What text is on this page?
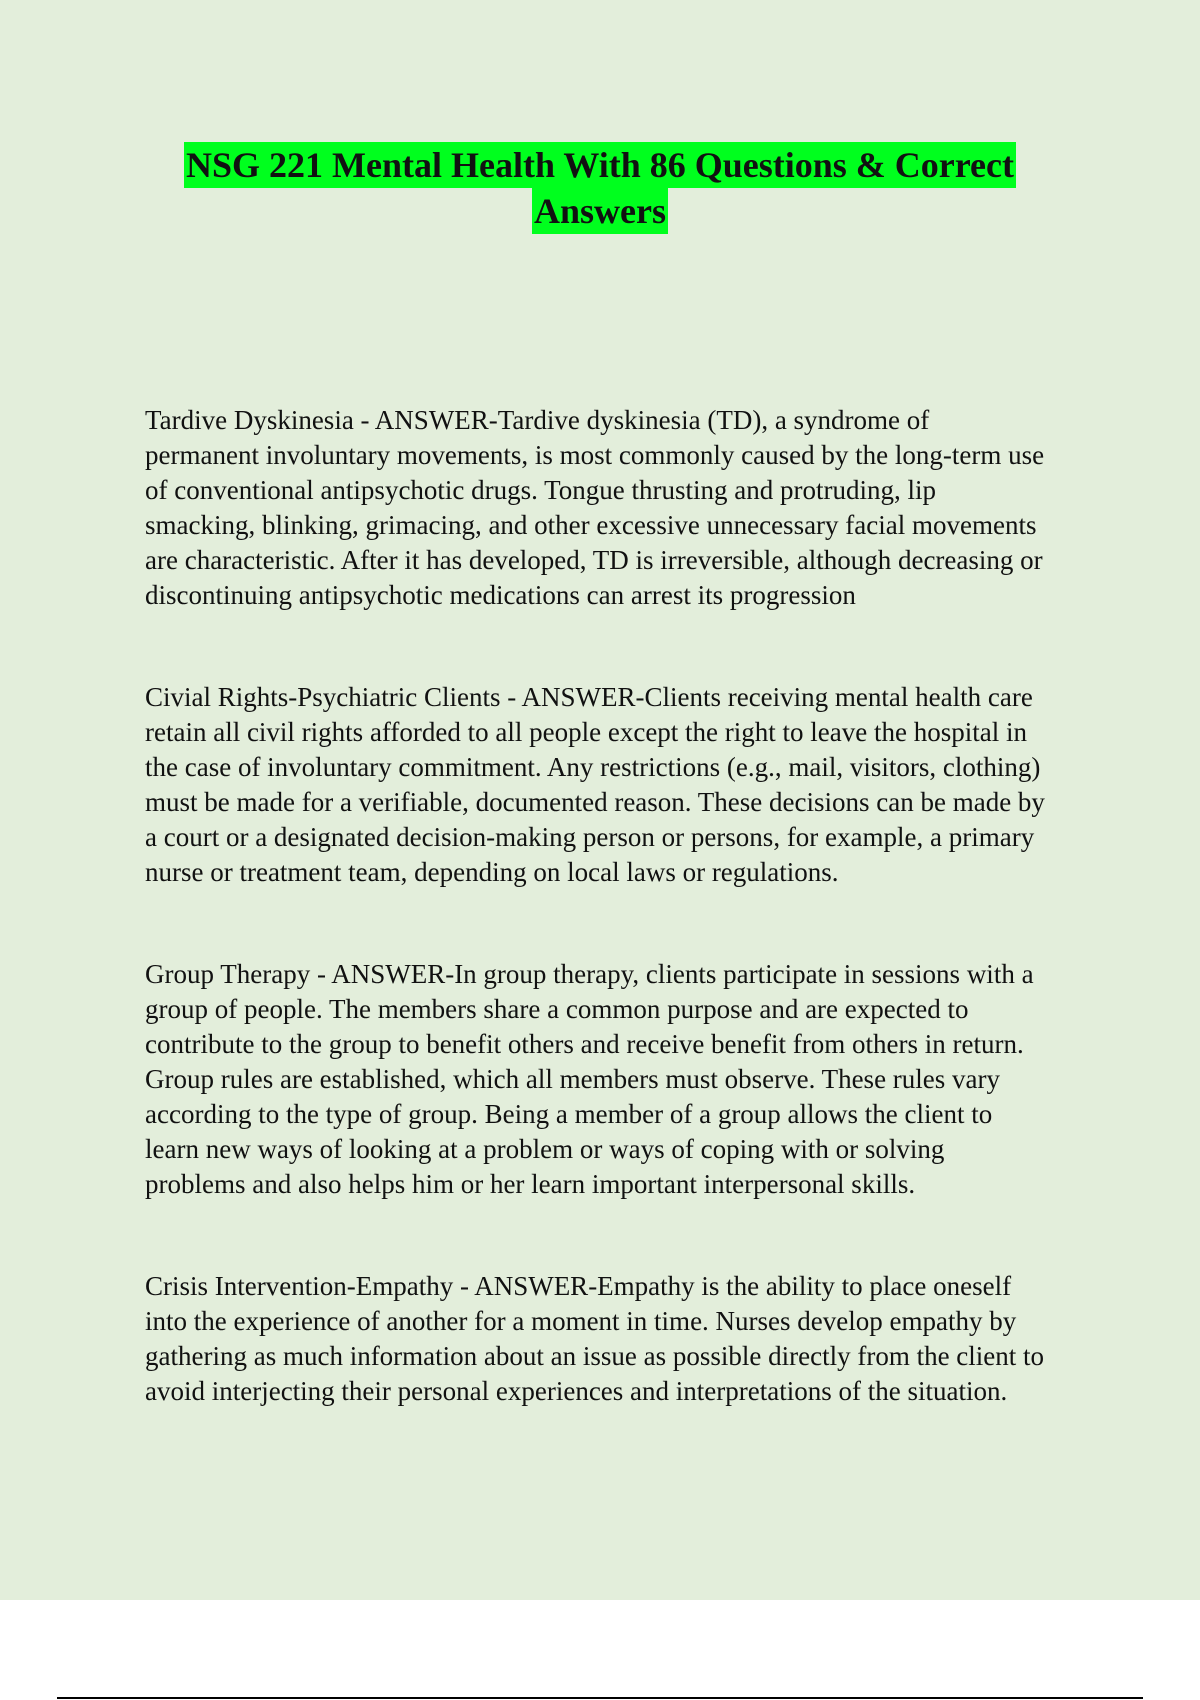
NSG 221 Mental Health With 86 Questions & Correct
Answers

Tardive Dyskinesia - ANSWER-Tardive dyskinesia (TD), a syndrome of
permanent involuntary movements, is most commonly caused by the long-term use
of conventional antipsychotic drugs. Tongue thrusting and protruding, lip
smacking, blinking, grimacing, and other excessive unnecessary facial movements
are characteristic. After it has developed, TD is irreversible, although decreasing or
discontinuing antipsychotic medications can arrest its progression

Civial Rights-Psychiatric Clients - ANSWER-Clients receiving mental health care
retain all civil rights afforded to all people except the right to leave the hospital in
the case of involuntary commitment. Any restrictions (e.g., mail, visitors, clothing)
must be made for a verifiable, documented reason. These decisions can be made by
a court or a designated decision-making person or persons, for example, a primary
nurse or treatment team, depending on local laws or regulations.

Group Therapy - ANSWER-In group therapy, clients participate in sessions with a
group of people. The members share a common purpose and are expected to
contribute to the group to benefit others and receive benefit from others in return.
Group rules are established, which all members must observe. These rules vary
according to the type of group. Being a member of a group allows the client to
learn new ways of looking at a problem or ways of coping with or solving
problems and also helps him or her learn important interpersonal skills.

Crisis Intervention-Empathy - ANSWER-Empathy is the ability to place oneself
into the experience of another for a moment in time. Nurses develop empathy by
gathering as much information about an issue as possible directly from the client to
avoid interjecting their personal experiences and interpretations of the situation.
